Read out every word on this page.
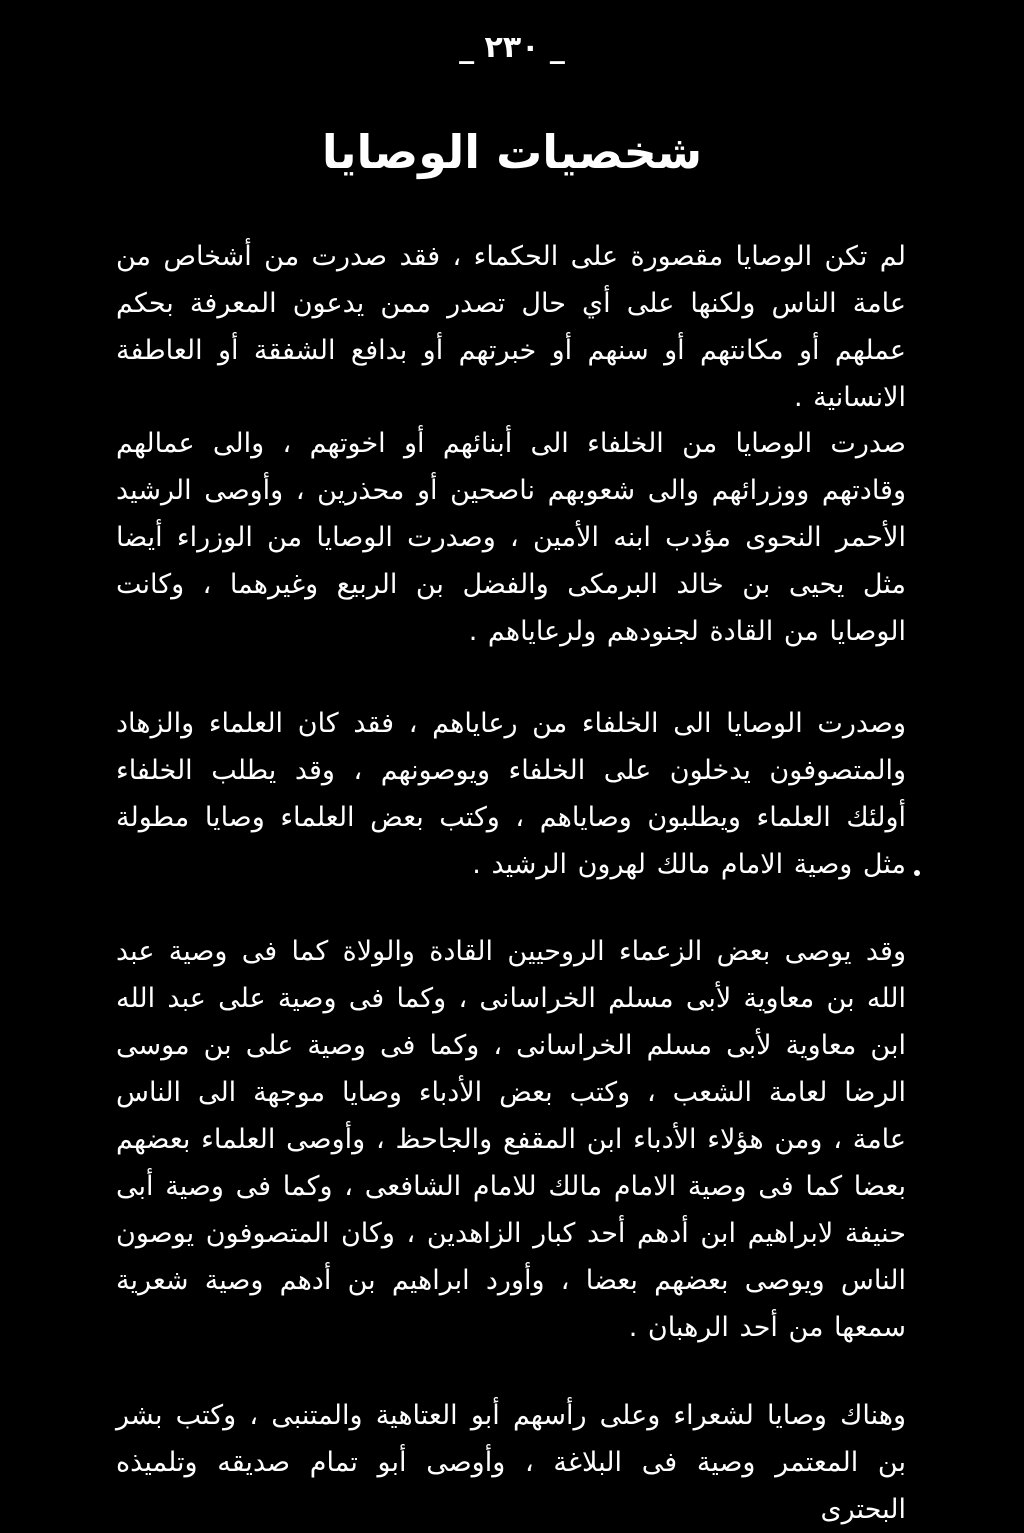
_ ٢٣٠ _
شخصيات الوصايا

لم تكن الوصايا مقصورة على الحكماء ، فقد صدرت من أشخاص من عامة الناس ولكنها على أي حال تصدر ممن يدعون المعرفة بحكم عملهم أو مكانتهم أو سنهم أو خبرتهم أو بدافع الشفقة أو العاطفة الانسانية .

صدرت الوصايا من الخلفاء الى أبنائهم أو اخوتهم ، والى عمالهم وقادتهم ووزرائهم والى شعوبهم ناصحين أو محذرين ، وأوصى الرشيد الأحمر النحوى مؤدب ابنه الأمين ، وصدرت الوصايا من الوزراء أيضا مثل يحيى بن خالد البرمكى والفضل بن الربيع وغيرهما ، وكانت الوصايا من القادة لجنودهم ولرعاياهم .

وصدرت الوصايا الى الخلفاء من رعاياهم ، فقد كان العلماء والزهاد والمتصوفون يدخلون على الخلفاء ويوصونهم ، وقد يطلب الخلفاء أولئك العلماء ويطلبون وصاياهم ، وكتب بعض العلماء وصايا مطولة مثل وصية الامام مالك لهرون الرشيد .

وقد يوصى بعض الزعماء الروحيين القادة والولاة كما فى وصية عبد الله بن معاوية لأبى مسلم الخراسانى ، وكما فى وصية على عبد الله ابن معاوية لأبى مسلم الخراسانى ، وكما فى وصية على بن موسى الرضا لعامة الشعب ، وكتب بعض الأدباء وصايا موجهة الى الناس عامة ، ومن هؤلاء الأدباء ابن المقفع والجاحظ ، وأوصى العلماء بعضهم بعضا كما فى وصية الامام مالك للامام الشافعى ، وكما فى وصية أبى حنيفة لابراهيم ابن أدهم أحد كبار الزاهدين ، وكان المتصوفون يوصون الناس ويوصى بعضهم بعضا ، وأورد ابراهيم بن أدهم وصية شعرية سمعها من أحد الرهبان .

وهناك وصايا لشعراء وعلى رأسهم أبو العتاهية والمتنبى ، وكتب بشر بن المعتمر وصية فى البلاغة ، وأوصى أبو تمام صديقه وتلميذه البحترى
